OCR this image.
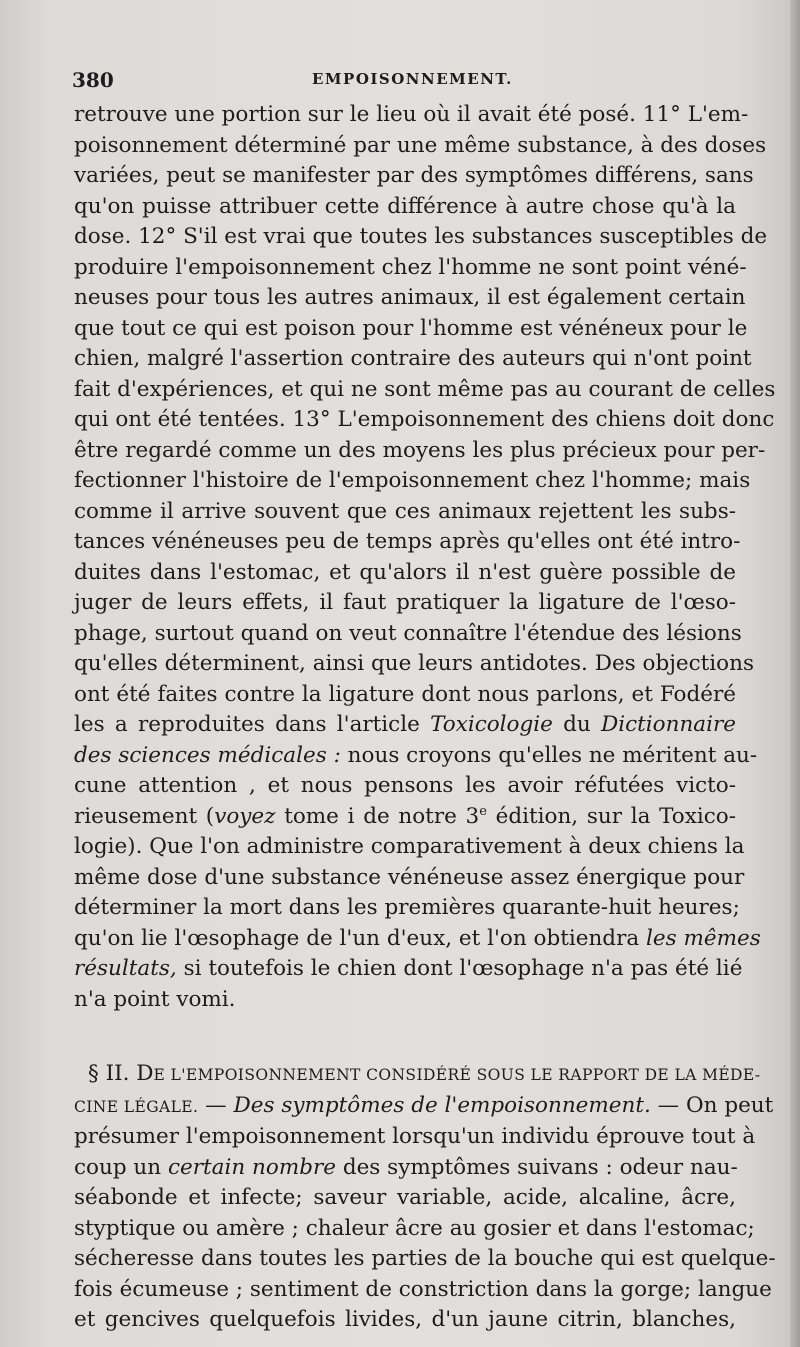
380	EMPOISONNEMENT.
retrouve une portion sur le lieu où il avait été posé. 11° L'em-
poisonnement déterminé par une même substance, à des doses
variées, peut se manifester par des symptômes différens, sans
qu'on puisse attribuer cette différence à autre chose qu'à la
dose. 12° S'il est vrai que toutes les substances susceptibles de
produire l'empoisonnement chez l'homme ne sont point véné-
neuses pour tous les autres animaux, il est également certain
que tout ce qui est poison pour l'homme est vénéneux pour le
chien, malgré l'assertion contraire des auteurs qui n'ont point
fait d'expériences, et qui ne sont même pas au courant de celles
qui ont été tentées. 13° L'empoisonnement des chiens doit donc
être regardé comme un des moyens les plus précieux pour per-
fectionner l'histoire de l'empoisonnement chez l'homme; mais
comme il arrive souvent que ces animaux rejettent les subs-
tances vénéneuses peu de temps après qu'elles ont été intro-
duites dans l'estomac, et qu'alors il n'est guère possible de
juger de leurs effets, il faut pratiquer la ligature de l'œso-
phage, surtout quand on veut connaître l'étendue des lésions
qu'elles déterminent, ainsi que leurs antidotes. Des objections
ont été faites contre la ligature dont nous parlons, et Fodéré
les a reproduites dans l'article Toxicologie du Dictionnaire
des sciences médicales : nous croyons qu'elles ne méritent au-
cune attention , et nous pensons les avoir réfutées victo-
rieusement (voyez tome i de notre 3e édition, sur la Toxico-
logie). Que l'on administre comparativement à deux chiens la
même dose d'une substance vénéneuse assez énergique pour
déterminer la mort dans les premières quarante-huit heures;
qu'on lie l'œsophage de l'un d'eux, et l'on obtiendra les mêmes
résultats, si toutefois le chien dont l'œsophage n'a pas été lié
n'a point vomi.
§ II. DE L'EMPOISONNEMENT CONSIDÉRÉ SOUS LE RAPPORT DE LA MÉDE-
CINE LÉGALE. — Des symptômes de l'empoisonnement. — On peut
présumer l'empoisonnement lorsqu'un individu éprouve tout à
coup un certain nombre des symptômes suivans : odeur nau-
séabonde et infecte; saveur variable, acide, alcaline, âcre,
styptique ou amère ; chaleur âcre au gosier et dans l'estomac;
sécheresse dans toutes les parties de la bouche qui est quelque-
fois écumeuse ; sentiment de constriction dans la gorge; langue
et gencives quelquefois livides, d'un jaune citrin, blanches,
